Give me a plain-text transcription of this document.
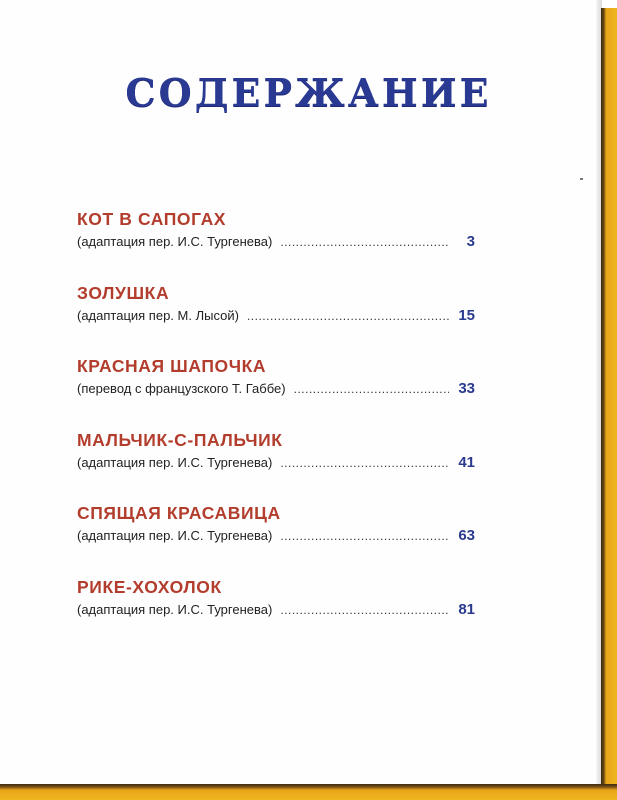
СОДЕРЖАНИЕ
КОТ В САПОГАХ
(адаптация пер. И.С. Тургенева) .....	3
ЗОЛУШКА
(адаптация пер. М. Лысой) .....	15
КРАСНАЯ ШАПОЧКА
(перевод с французского Т. Габбе) .....	33
МАЛЬЧИК-С-ПАЛЬЧИК
(адаптация пер. И.С. Тургенева) .....	41
СПЯЩАЯ КРАСАВИЦА
(адаптация пер. И.С. Тургенева) .....	63
РИКЕ-ХОХОЛОК
(адаптация пер. И.С. Тургенева) .....	81
